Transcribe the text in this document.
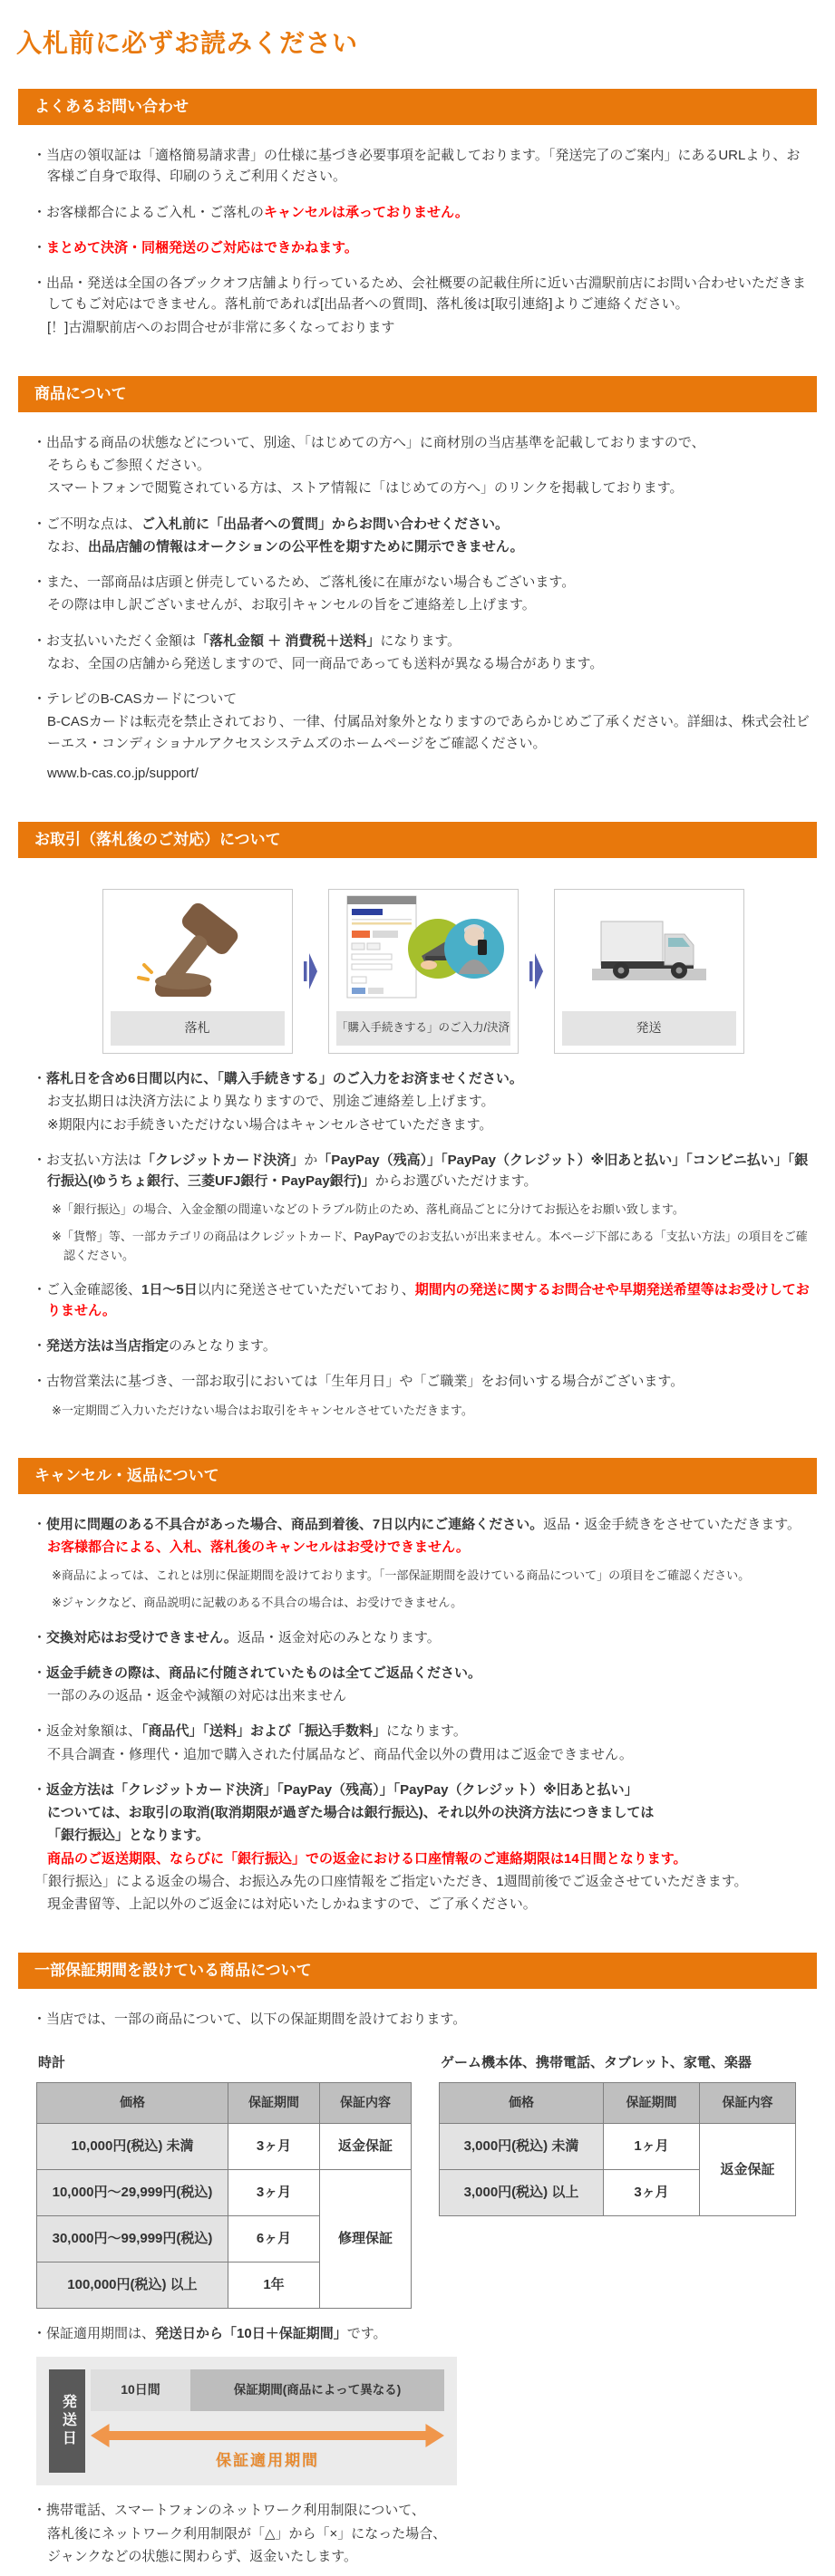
入札前に必ずお読みください
よくあるお問い合わせ
・ 当店の領収証は「適格簡易請求書」の仕様に基づき必要事項を記載しております。「発送完了のご案内」にあるURLより、お客様ご自身で取得、印刷のうえご利用ください。
・ お客様都合によるご入札・ご落札のキャンセルは承っておりません。
・ まとめて決済・同梱発送のご対応はできかねます。
・ 出品・発送は全国の各ブックオフ店舗より行っているため、会社概要の記載住所に近い古淵駅前店にお問い合わせいただきましてもご対応はできません。落札前であれば[出品者への質問]、落札後は[取引連絡]よりご連絡ください。
[！]古淵駅前店へのお問合せが非常に多くなっております
商品について
・ 出品する商品の状態などについて、別途、「はじめての方へ」に商材別の当店基準を記載しておりますので、
そちらもご参照ください。
スマートフォンで閲覧されている方は、ストア情報に「はじめての方へ」のリンクを掲載しております。
・ ご不明な点は、ご入札前に「出品者への質問」からお問い合わせください。
なお、出品店舗の情報はオークションの公平性を期すために開示できません。
・ また、一部商品は店頭と併売しているため、ご落札後に在庫がない場合もございます。
その際は申し訳ございませんが、お取引キャンセルの旨をご連絡差し上げます。
・ お支払いいただく金額は「落札金額 ＋ 消費税＋送料」になります。
なお、全国の店舗から発送しますので、同一商品であっても送料が異なる場合があります。
・ テレビのB-CASカードについて
B-CASカードは転売を禁止されており、一律、付属品対象外となりますのであらかじめご了承ください。詳細は、株式会社ビーエス・コンディショナルアクセスシステムズのホームページをご確認ください。
www.b-cas.co.jp/support/
お取引（落札後のご対応）について
落札	「購入手続きする」のご入力/決済	発送
・ 落札日を含め6日間以内に、「購入手続きする」のご入力をお済ませください。
お支払期日は決済方法により異なりますので、別途ご連絡差し上げます。
※期限内にお手続きいただけない場合はキャンセルさせていただきます。
・ お支払い方法は「クレジットカード決済」か「PayPay（残高）」「PayPay（クレジット）※旧あと払い」「コンビニ払い」「銀行振込(ゆうちょ銀行、三菱UFJ銀行・PayPay銀行)」からお選びいただけます。
※「銀行振込」の場合、入金金額の間違いなどのトラブル防止のため、落札商品ごとに分けてお振込をお願い致します。
※「貨幣」等、一部カテゴリの商品はクレジットカード、PayPayでのお支払いが出来ません。本ページ下部にある「支払い方法」の項目をご確認ください。
・ ご入金確認後、1日～5日以内に発送させていただいており、期間内の発送に関するお問合せや早期発送希望等はお受けしておりません。
・ 発送方法は当店指定のみとなります。
・ 古物営業法に基づき、一部お取引においては「生年月日」や「ご職業」をお伺いする場合がございます。
※一定期間ご入力いただけない場合はお取引をキャンセルさせていただきます。
キャンセル・返品について
・ 使用に問題のある不具合があった場合、商品到着後、7日以内にご連絡ください。返品・返金手続きをさせていただきます。
お客様都合による、入札、落札後のキャンセルはお受けできません。
※商品によっては、これとは別に保証期間を設けております。「一部保証期間を設けている商品について」の項目をご確認ください。
※ジャンクなど、商品説明に記載のある不具合の場合は、お受けできません。
・ 交換対応はお受けできません。返品・返金対応のみとなります。
・ 返金手続きの際は、商品に付随されていたものは全てご返品ください。
一部のみの返品・返金や減額の対応は出来ません
・ 返金対象額は、「商品代」「送料」および「振込手数料」になります。
不具合調査・修理代・追加で購入された付属品など、商品代金以外の費用はご返金できません。
・ 返金方法は「クレジットカード決済」「PayPay（残高）」「PayPay（クレジット）※旧あと払い」
については、お取引の取消(取消期限が過ぎた場合は銀行振込)、それ以外の決済方法につきましては
「銀行振込」となります。
商品のご返送期限、ならびに「銀行振込」での返金における口座情報のご連絡期限は14日間となります。
「銀行振込」による返金の場合、お振込み先の口座情報をご指定いただき、1週間前後でご返金させていただきます。
現金書留等、上記以外のご返金には対応いたしかねますので、ご了承ください。
一部保証期間を設けている商品について
・ 当店では、一部の商品について、以下の保証期間を設けております。
時計
価格	保証期間	保証内容
10,000円(税込) 未満	3ヶ月	返金保証
10,000円～29,999円(税込)	3ヶ月	修理保証
30,000円～99,999円(税込)	6ヶ月	
100,000円(税込) 以上	1年	
ゲーム機本体、携帯電話、タブレット、家電、楽器
価格	保証期間	保証内容
3,000円(税込) 未満	1ヶ月	返金保証
3,000円(税込) 以上	3ヶ月	
・ 保証適用期間は、発送日から「10日＋保証期間」です。
発送日
10日間	保証期間(商品によって異なる)
保証適用期間
・ 携帯電話、スマートフォンのネットワーク利用制限について、
落札後にネットワーク利用制限が「△」から「×」になった場合、
ジャンクなどの状態に関わらず、返金いたします。
